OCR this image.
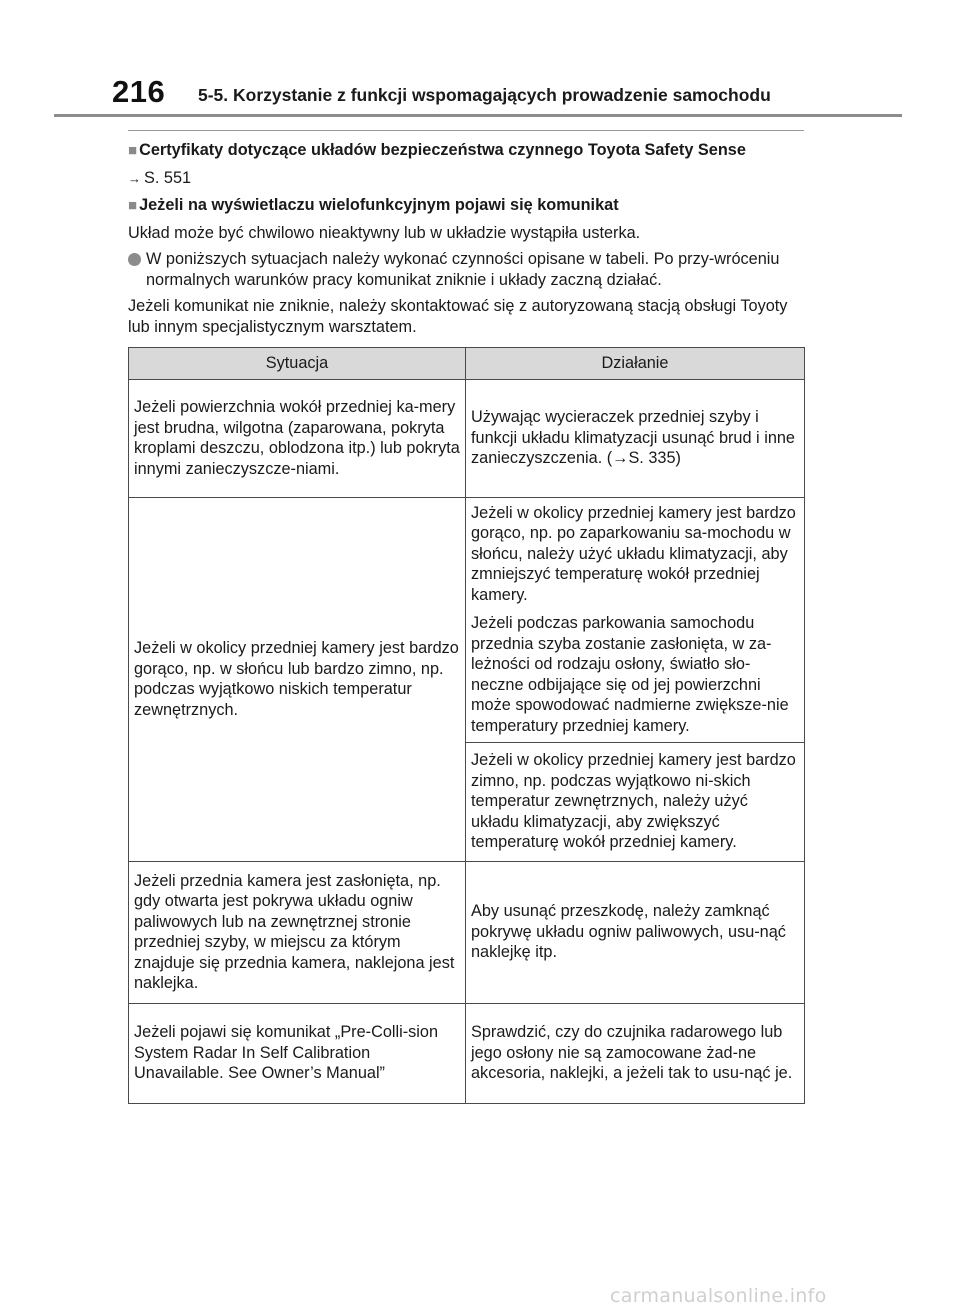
216 5-5. Korzystanie z funkcji wspomagających prowadzenie samochodu

■ Certyfikaty dotyczące układów bezpieczeństwa czynnego Toyota Safety Sense

→ S. 551

■ Jeżeli na wyświetlaczu wielofunkcyjnym pojawi się komunikat

Układ może być chwilowo nieaktywny lub w układzie wystąpiła usterka.

W poniższych sytuacjach należy wykonać czynności opisane w tabeli. Po przy-wróceniu normalnych warunków pracy komunikat zniknie i układy zaczną działać.

Jeżeli komunikat nie zniknie, należy skontaktować się z autoryzowaną stacją obsługi Toyoty lub innym specjalistycznym warsztatem.

Sytuacja	Działanie
Jeżeli powierzchnia wokół przedniej ka-mery jest brudna, wilgotna (zaparowana, pokryta kroplami deszczu, oblodzona itp.) lub pokryta innymi zanieczyszcze-niami.	Używając wycieraczek przedniej szyby i funkcji układu klimatyzacji usunąć brud i inne zanieczyszczenia. (→S. 335)
Jeżeli w okolicy przedniej kamery jest bardzo gorąco, np. w słońcu lub bardzo zimno, np. podczas wyjątkowo niskich temperatur zewnętrznych.	Jeżeli w okolicy przedniej kamery jest bardzo gorąco, np. po zaparkowaniu sa-mochodu w słońcu, należy użyć układu klimatyzacji, aby zmniejszyć temperaturę wokół przedniej kamery.

Jeżeli podczas parkowania samochodu przednia szyba zostanie zasłonięta, w za-leżności od rodzaju osłony, światło sło-neczne odbijające się od jej powierzchni może spowodować nadmierne zwiększe-nie temperatury przedniej kamery.

	Jeżeli w okolicy przedniej kamery jest bardzo zimno, np. podczas wyjątkowo ni-skich temperatur zewnętrznych, należy użyć układu klimatyzacji, aby zwiększyć temperaturę wokół przedniej kamery.
Jeżeli przednia kamera jest zasłonięta, np. gdy otwarta jest pokrywa układu ogniw paliwowych lub na zewnętrznej stronie przedniej szyby, w miejscu za którym znajduje się przednia kamera, naklejona jest naklejka.	Aby usunąć przeszkodę, należy zamknąć pokrywę układu ogniw paliwowych, usu-nąć naklejkę itp.
Jeżeli pojawi się komunikat „Pre-Colli-sion System Radar In Self Calibration Unavailable. See Owner’s Manual”	Sprawdzić, czy do czujnika radarowego lub jego osłony nie są zamocowane żad-ne akcesoria, naklejki, a jeżeli tak to usu-nąć je.
carmanualsonline.info
